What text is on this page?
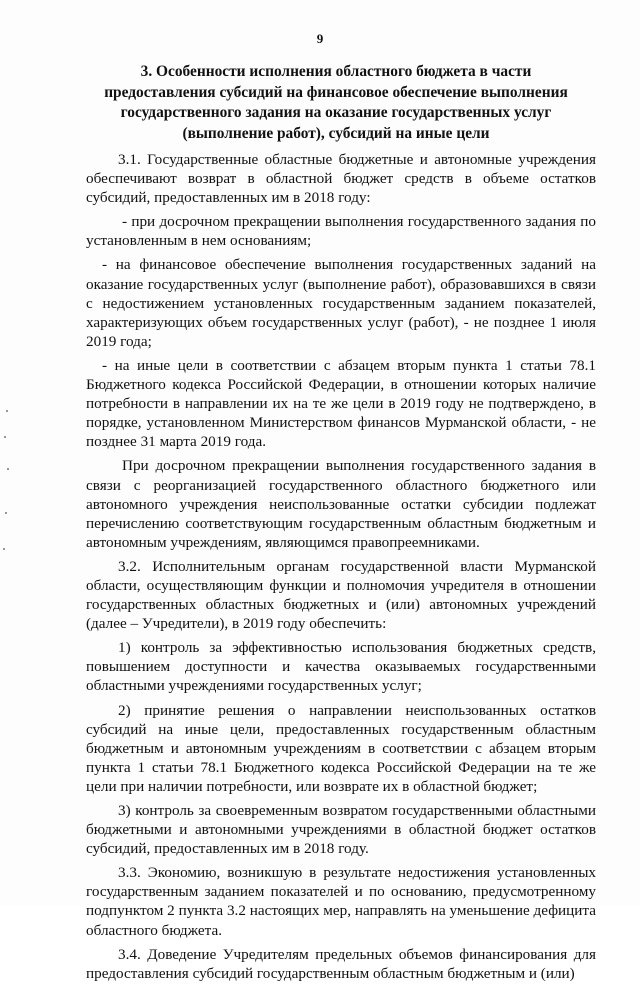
9
3. Особенности исполнения областного бюджета в части предоставления субсидий на финансовое обеспечение выполнения государственного задания на оказание государственных услуг (выполнение работ), субсидий на иные цели

3.1. Государственные областные бюджетные и автономные учреждения обеспечивают возврат в областной бюджет средств в объеме остатков субсидий, предоставленных им в 2018 году:

- при досрочном прекращении выполнения государственного задания по установленным в нем основаниям;

- на финансовое обеспечение выполнения государственных заданий на оказание государственных услуг (выполнение работ), образовавшихся в связи с недостижением установленных государственным заданием показателей, характеризующих объем государственных услуг (работ), - не позднее 1 июля 2019 года;

- на иные цели в соответствии с абзацем вторым пункта 1 статьи 78.1 Бюджетного кодекса Российской Федерации, в отношении которых наличие потребности в направлении их на те же цели в 2019 году не подтверждено, в порядке, установленном Министерством финансов Мурманской области, - не позднее 31 марта 2019 года.

При досрочном прекращении выполнения государственного задания в связи с реорганизацией государственного областного бюджетного или автономного учреждения неиспользованные остатки субсидии подлежат перечислению соответствующим государственным областным бюджетным и автономным учреждениям, являющимся правопреемниками.

3.2. Исполнительным органам государственной власти Мурманской области, осуществляющим функции и полномочия учредителя в отношении государственных областных бюджетных и (или) автономных учреждений (далее – Учредители), в 2019 году обеспечить:

1) контроль за эффективностью использования бюджетных средств, повышением доступности и качества оказываемых государственными областными учреждениями государственных услуг;

2) принятие решения о направлении неиспользованных остатков субсидий на иные цели, предоставленных государственным областным бюджетным и автономным учреждениям в соответствии с абзацем вторым пункта 1 статьи 78.1 Бюджетного кодекса Российской Федерации на те же цели при наличии потребности, или возврате их в областной бюджет;

3) контроль за своевременным возвратом государственными областными бюджетными и автономными учреждениями в областной бюджет остатков субсидий, предоставленных им в 2018 году.

3.3. Экономию, возникшую в результате недостижения установленных государственным заданием показателей и по основанию, предусмотренному подпунктом 2 пункта 3.2 настоящих мер, направлять на уменьшение дефицита областного бюджета.

3.4. Доведение Учредителям предельных объемов финансирования для предоставления субсидий государственным областным бюджетным и (или)
